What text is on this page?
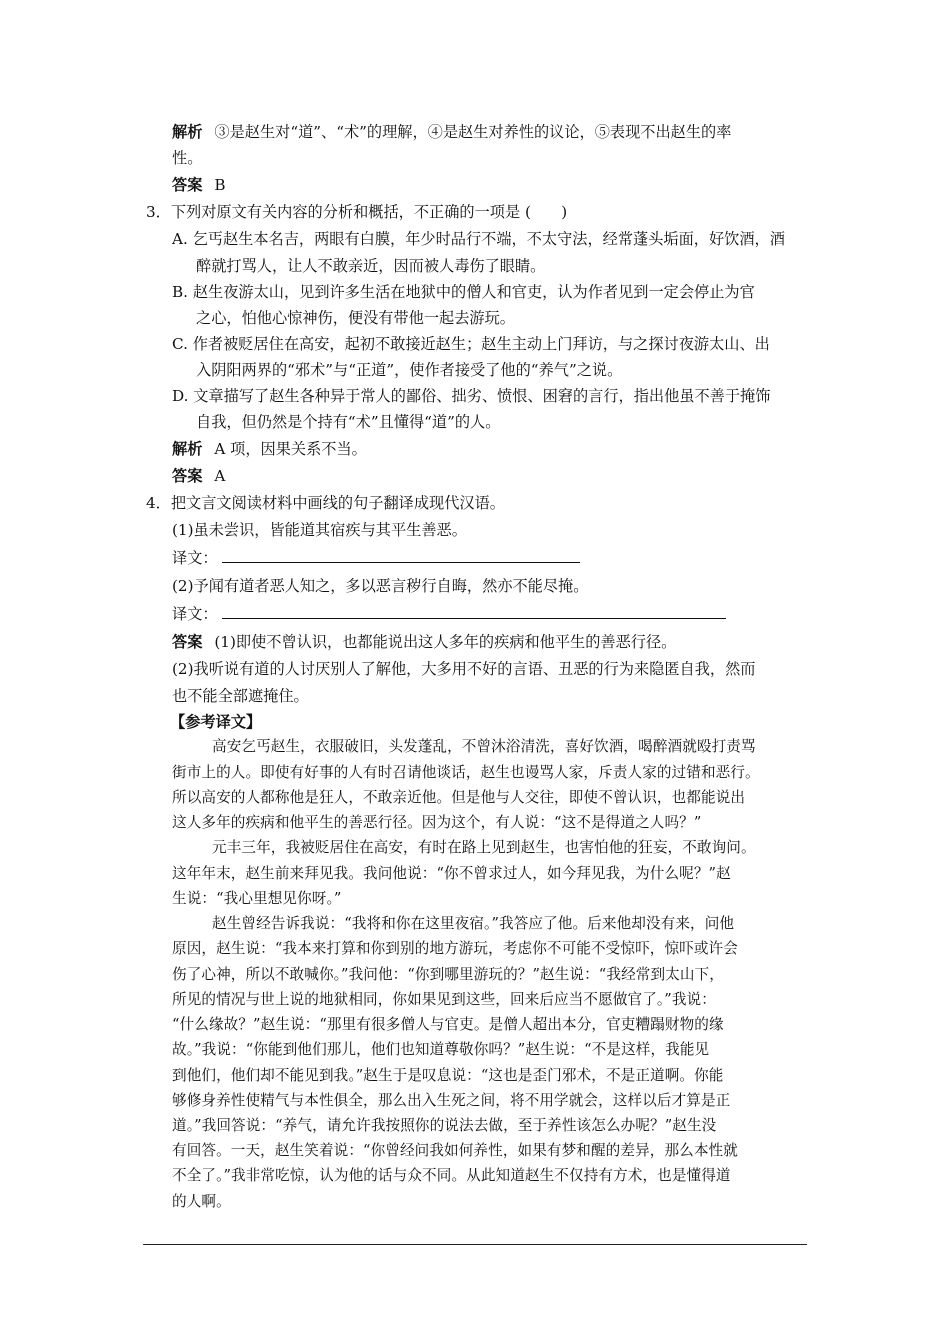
解析 ③是赵生对“道”、“术”的理解，④是赵生对养性的议论，⑤表现不出赵生的率
性。
答案 B
3．下列对原文有关内容的分析和概括，不正确的一项是 (　　)
A. 乞丐赵生本名吉，两眼有白膜，年少时品行不端，不太守法，经常蓬头垢面，好饮酒，酒
醉就打骂人，让人不敢亲近，因而被人毒伤了眼睛。
B. 赵生夜游太山，见到许多生活在地狱中的僧人和官吏，认为作者见到一定会停止为官
之心，怕他心惊神伤，便没有带他一起去游玩。
C. 作者被贬居住在高安，起初不敢接近赵生；赵生主动上门拜访，与之探讨夜游太山、出
入阴阳两界的“邪术”与“正道”，使作者接受了他的“养气”之说。
D. 文章描写了赵生各种异于常人的鄙俗、拙劣、愤恨、困窘的言行，指出他虽不善于掩饰
自我，但仍然是个持有“术”且懂得“道”的人。
解析 A 项，因果关系不当。
答案 A
4．把文言文阅读材料中画线的句子翻译成现代汉语。
(1)虽未尝识，皆能道其宿疾与其平生善恶。
译文：
(2)予闻有道者恶人知之，多以恶言秽行自晦，然亦不能尽掩。
译文：
答案 (1)即使不曾认识，也都能说出这人多年的疾病和他平生的善恶行径。
(2)我听说有道的人讨厌别人了解他，大多用不好的言语、丑恶的行为来隐匿自我，然而
也不能全部遮掩住。
【参考译文】
高安乞丐赵生，衣服破旧，头发蓬乱，不曾沐浴清洗，喜好饮酒，喝醉酒就殴打责骂
街市上的人。即使有好事的人有时召请他谈话，赵生也谩骂人家，斥责人家的过错和恶行。
所以高安的人都称他是狂人，不敢亲近他。但是他与人交往，即使不曾认识，也都能说出
这人多年的疾病和他平生的善恶行径。因为这个，有人说：“这不是得道之人吗？”
元丰三年，我被贬居住在高安，有时在路上见到赵生，也害怕他的狂妄，不敢询问。
这年年末，赵生前来拜见我。我问他说：“你不曾求过人，如今拜见我，为什么呢？”赵
生说：“我心里想见你呀。”
赵生曾经告诉我说：“我将和你在这里夜宿。”我答应了他。后来他却没有来，问他
原因，赵生说：“我本来打算和你到别的地方游玩，考虑你不可能不受惊吓，惊吓或许会
伤了心神，所以不敢喊你。”我问他：“你到哪里游玩的？”赵生说：“我经常到太山下，
所见的情况与世上说的地狱相同，你如果见到这些，回来后应当不愿做官了。”我说：
“什么缘故？”赵生说：“那里有很多僧人与官吏。是僧人超出本分，官吏糟蹋财物的缘
故。”我说：“你能到他们那儿，他们也知道尊敬你吗？”赵生说：“不是这样，我能见
到他们，他们却不能见到我。”赵生于是叹息说：“这也是歪门邪术，不是正道啊。你能
够修身养性使精气与本性俱全，那么出入生死之间，将不用学就会，这样以后才算是正
道。”我回答说：“养气，请允许我按照你的说法去做，至于养性该怎么办呢？”赵生没
有回答。一天，赵生笑着说：“你曾经问我如何养性，如果有梦和醒的差异，那么本性就
不全了。”我非常吃惊，认为他的话与众不同。从此知道赵生不仅持有方术，也是懂得道
的人啊。
